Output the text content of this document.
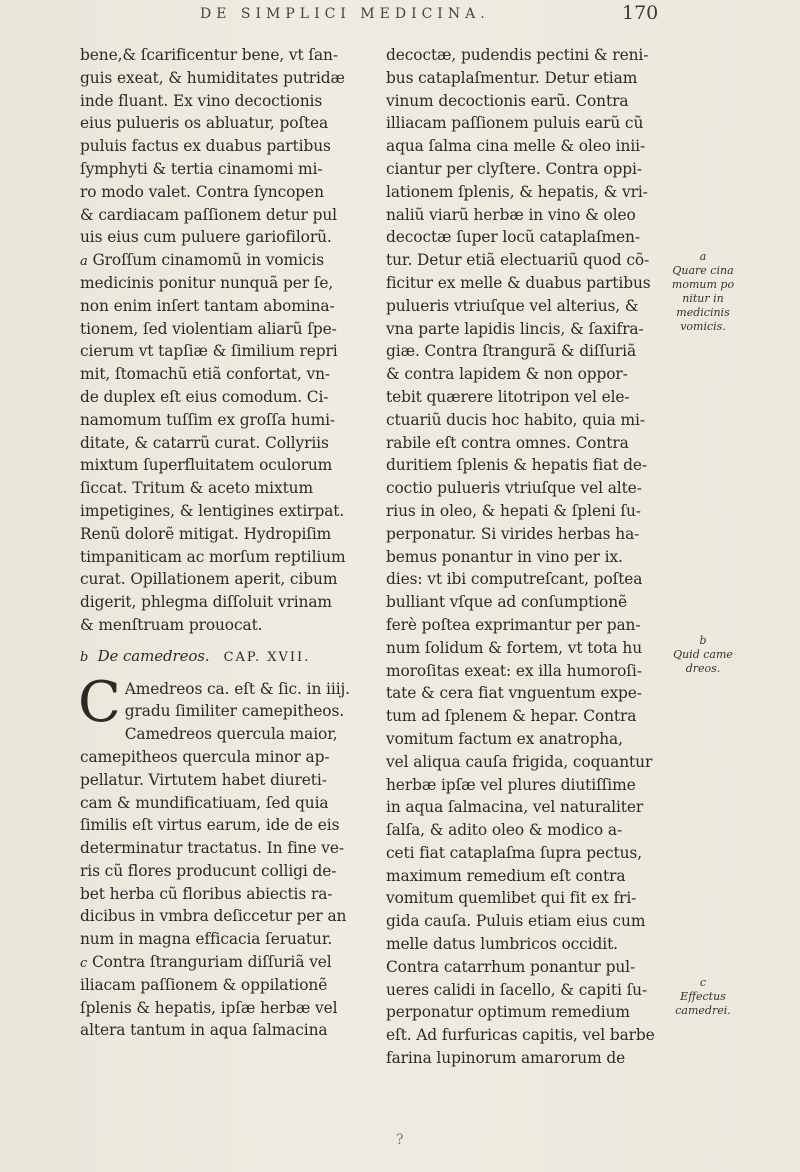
DE SIMPLICI MEDICINA.	170
bene,& ſcarificentur bene, vt ſan-
guis exeat, & humiditates putridæ
inde fluant. Ex vino decoctionis
eius pulueris os abluatur, poſtea
puluis factus ex duabus partibus
ſymphyti & tertia cinamomi mi-
ro modo valet. Contra ſyncopen
& cardiacam paſſionem detur pul
uis eius cum puluere gariofilorũ.
a Groſſum cinamomũ in vomicis
medicinis ponitur nunquã per ſe,
non enim inſert tantam abomina-
tionem, ſed violentiam aliarũ ſpe-
cierum vt tapſiæ & ſimilium repri
mit, ſtomachũ etiã confortat, vn-
de duplex eſt eius comodum. Ci-
namomum tuſſim ex groſſa humi-
ditate, & catarrũ curat. Collyriis
mixtum ſuperfluitatem oculorum
ſiccat. Tritum & aceto mixtum
impetigines, & lentigines extirpat.
Renũ dolorẽ mitigat. Hydropiſim
timpaniticam ac morſum reptilium
curat. Opillationem aperit, cibum
digerit, phlegma diſſoluit vrinam
& menſtruam prouocat.
b De camedreos. CAP. XVII.
C Amedreos ca. eſt & ſic. in iiij.
gradu ſimiliter camepitheos.
Camedreos quercula maior,
camepitheos quercula minor ap-
pellatur. Virtutem habet diureti-
cam & mundificatiuam, ſed quia
ſimilis eſt virtus earum, ide de eis
determinatur tractatus. In fine ve-
ris cũ flores producunt colligi de-
bet herba cũ floribus abiectis ra-
dicibus in vmbra deſiccetur per an
num in magna efficacia ſeruatur.
c Contra ſtranguriam diſſuriã vel
iliacam paſſionem & oppilationẽ
ſplenis & hepatis, ipſæ herbæ vel
altera tantum in aqua ſalmacina
decoctæ, pudendis pectini & reni-
bus cataplaſmentur. Detur etiam
vinum decoctionis earũ. Contra
illiacam paſſionem puluis earũ cũ
aqua ſalma cina melle & oleo inii-
ciantur per clyſtere. Contra oppi-
lationem ſplenis, & hepatis, & vri-
naliũ viarũ herbæ in vino & oleo
decoctæ ſuper locũ cataplaſmen-
tur. Detur etiã electuariũ quod cõ-
ficitur ex melle & duabus partibus
pulueris vtriuſque vel alterius, &
vna parte lapidis lincis, & ſaxifra-
giæ. Contra ſtrangurã & diſſuriã
& contra lapidem & non oppor-
tebit quærere litotripon vel ele-
ctuariũ ducis hoc habito, quia mi-
rabile eſt contra omnes. Contra
duritiem ſplenis & hepatis fiat de-
coctio pulueris vtriuſque vel alte-
rius in oleo, & hepati & ſpleni ſu-
perponatur. Si virides herbas ha-
bemus ponantur in vino per ix.
dies: vt ibi computreſcant, poſtea
bulliant vſque ad conſumptionẽ
ferè poſtea exprimantur per pan-
num ſolidum & fortem, vt tota hu
moroſitas exeat: ex illa humoroſi-
tate & cera fiat vnguentum expe-
tum ad ſplenem & hepar. Contra
vomitum factum ex anatropha,
vel aliqua cauſa frigida, coquantur
herbæ ipſæ vel plures diutiſſime
in aqua ſalmacina, vel naturaliter
ſalſa, & adito oleo & modico a-
ceti fiat cataplaſma ſupra pectus,
maximum remedium eſt contra
vomitum quemlibet qui fit ex fri-
gida cauſa. Puluis etiam eius cum
melle datus lumbricos occidit.
Contra catarrhum ponantur pul-
ueres calidi in ſacello, & capiti ſu-
perponatur optimum remedium
eſt. Ad furfuricas capitis, vel barbe
farina lupinorum amarorum de
a
Quare cina momum po nitur in medicinis vomicis.
b
Quid came dreos.
c
Effectus camedrei.
?
